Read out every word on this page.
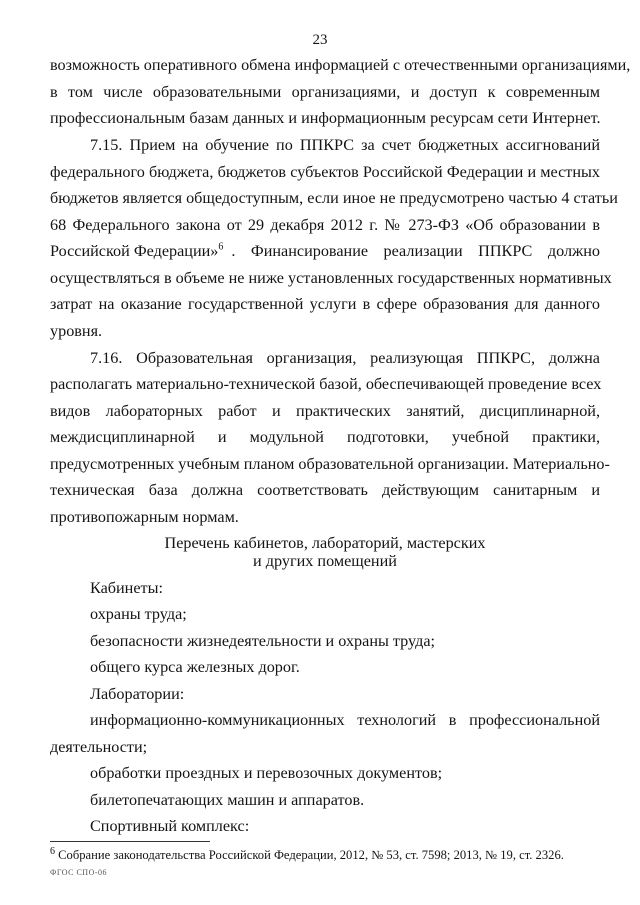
23
возможность оперативного обмена информацией с отечественными организациями,
в том числе образовательными организациями, и доступ к современным
профессиональным базам данных и информационным ресурсам сети Интернет.
7.15. Прием на обучение по ППКРС за счет бюджетных ассигнований
федерального бюджета, бюджетов субъектов Российской Федерации и местных
бюджетов является общедоступным, если иное не предусмотрено частью 4 статьи
68 Федерального закона от 29 декабря 2012 г. № 273-ФЗ «Об образовании в
Российской Федерации»$^6$ . Финансирование реализации ППКРС должно
осуществляться в объеме не ниже установленных государственных нормативных
затрат на оказание государственной услуги в сфере образования для данного
уровня.
7.16. Образовательная организация, реализующая ППКРС, должна
располагать материально-технической базой, обеспечивающей проведение всех
видов лабораторных работ и практических занятий, дисциплинарной,
междисциплинарной и модульной подготовки, учебной практики,
предусмотренных учебным планом образовательной организации. Материально-
техническая база должна соответствовать действующим санитарным и
противопожарным нормам.
Перечень кабинетов, лабораторий, мастерских
и других помещений
Кабинеты:
охраны труда;
безопасности жизнедеятельности и охраны труда;
общего курса железных дорог.
Лаборатории:
информационно-коммуникационных технологий в профессиональной
деятельности;
обработки проездных и перевозочных документов;
билетопечатающих машин и аппаратов.
Спортивный комплекс:
$^6$ Собрание законодательства Российской Федерации, 2012, № 53, ст. 7598; 2013, № 19, ст. 2326.
ФГОС СПО-06
